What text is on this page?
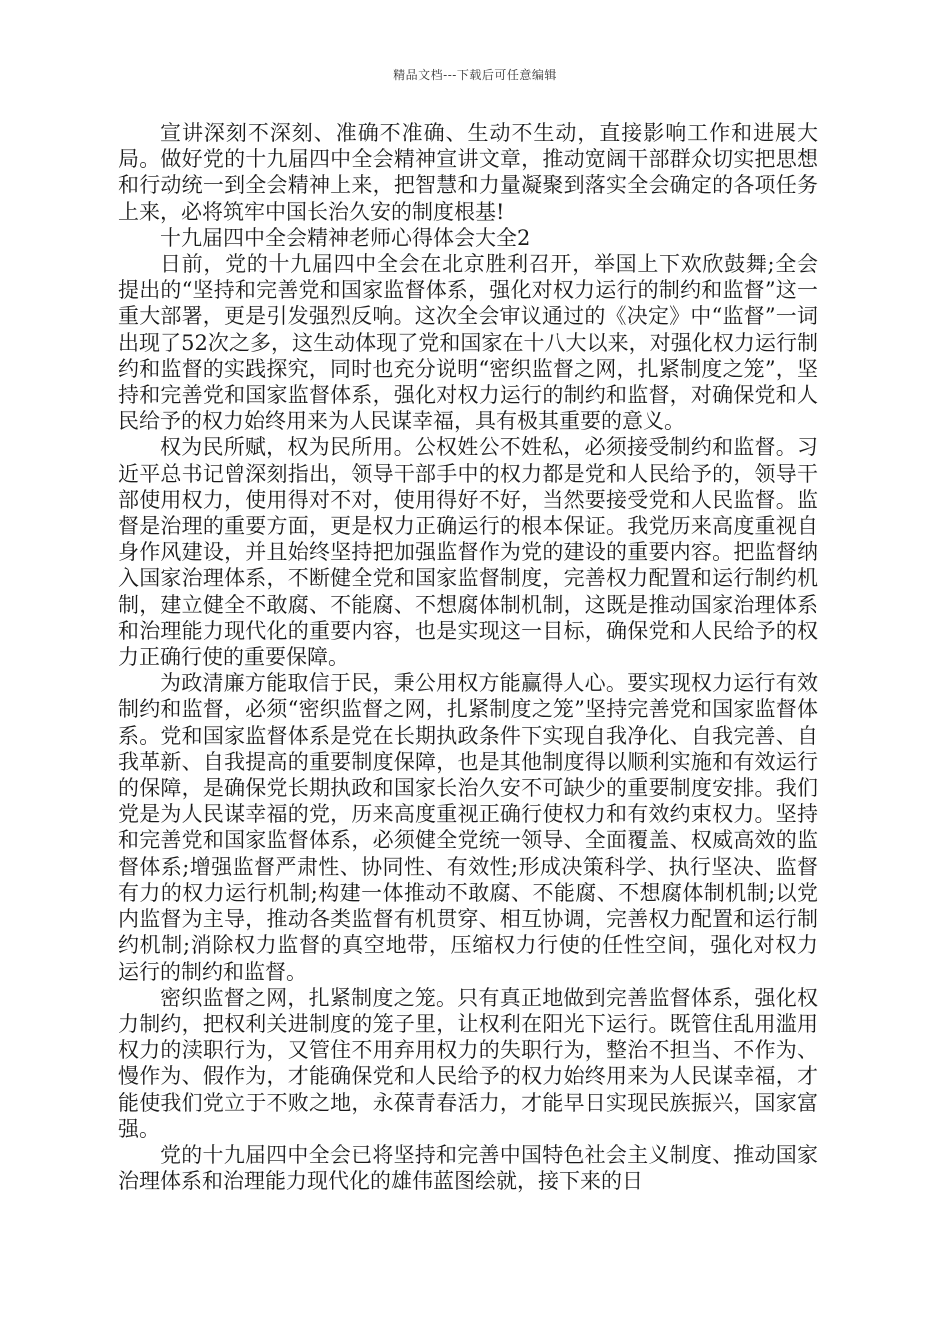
精品文档---下载后可任意编辑

宣讲深刻不深刻、准确不准确、生动不生动，直接影响工作和进展大局。做好党的十九届四中全会精神宣讲文章，推动宽阔干部群众切实把思想和行动统一到全会精神上来，把智慧和力量凝聚到落实全会确定的各项任务上来，必将筑牢中国长治久安的制度根基!

十九届四中全会精神老师心得体会大全2

日前，党的十九届四中全会在北京胜利召开，举国上下欢欣鼓舞;全会提出的“坚持和完善党和国家监督体系，强化对权力运行的制约和监督”这一重大部署，更是引发强烈反响。这次全会审议通过的《决定》中“监督”一词出现了52次之多，这生动体现了党和国家在十八大以来，对强化权力运行制约和监督的实践探究，同时也充分说明“密织监督之网，扎紧制度之笼”，坚持和完善党和国家监督体系，强化对权力运行的制约和监督，对确保党和人民给予的权力始终用来为人民谋幸福，具有极其重要的意义。

权为民所赋，权为民所用。公权姓公不姓私，必须接受制约和监督。习近平总书记曾深刻指出，领导干部手中的权力都是党和人民给予的，领导干部使用权力，使用得对不对，使用得好不好，当然要接受党和人民监督。监督是治理的重要方面，更是权力正确运行的根本保证。我党历来高度重视自身作风建设，并且始终坚持把加强监督作为党的建设的重要内容。把监督纳入国家治理体系，不断健全党和国家监督制度，完善权力配置和运行制约机制，建立健全不敢腐、不能腐、不想腐体制机制，这既是推动国家治理体系和治理能力现代化的重要内容，也是实现这一目标，确保党和人民给予的权力正确行使的重要保障。

为政清廉方能取信于民，秉公用权方能赢得人心。要实现权力运行有效制约和监督，必须“密织监督之网，扎紧制度之笼”坚持完善党和国家监督体系。党和国家监督体系是党在长期执政条件下实现自我净化、自我完善、自我革新、自我提高的重要制度保障，也是其他制度得以顺利实施和有效运行的保障，是确保党长期执政和国家长治久安不可缺少的重要制度安排。我们党是为人民谋幸福的党，历来高度重视正确行使权力和有效约束权力。坚持和完善党和国家监督体系，必须健全党统一领导、全面覆盖、权威高效的监督体系;增强监督严肃性、协同性、有效性;形成决策科学、执行坚决、监督有力的权力运行机制;构建一体推动不敢腐、不能腐、不想腐体制机制;以党内监督为主导，推动各类监督有机贯穿、相互协调，完善权力配置和运行制约机制;消除权力监督的真空地带，压缩权力行使的任性空间，强化对权力运行的制约和监督。

密织监督之网，扎紧制度之笼。只有真正地做到完善监督体系，强化权力制约，把权利关进制度的笼子里，让权利在阳光下运行。既管住乱用滥用权力的渎职行为，又管住不用弃用权力的失职行为，整治不担当、不作为、慢作为、假作为，才能确保党和人民给予的权力始终用来为人民谋幸福，才能使我们党立于不败之地，永葆青春活力，才能早日实现民族振兴，国家富强。

党的十九届四中全会已将坚持和完善中国特色社会主义制度、推动国家治理体系和治理能力现代化的雄伟蓝图绘就，接下来的日
